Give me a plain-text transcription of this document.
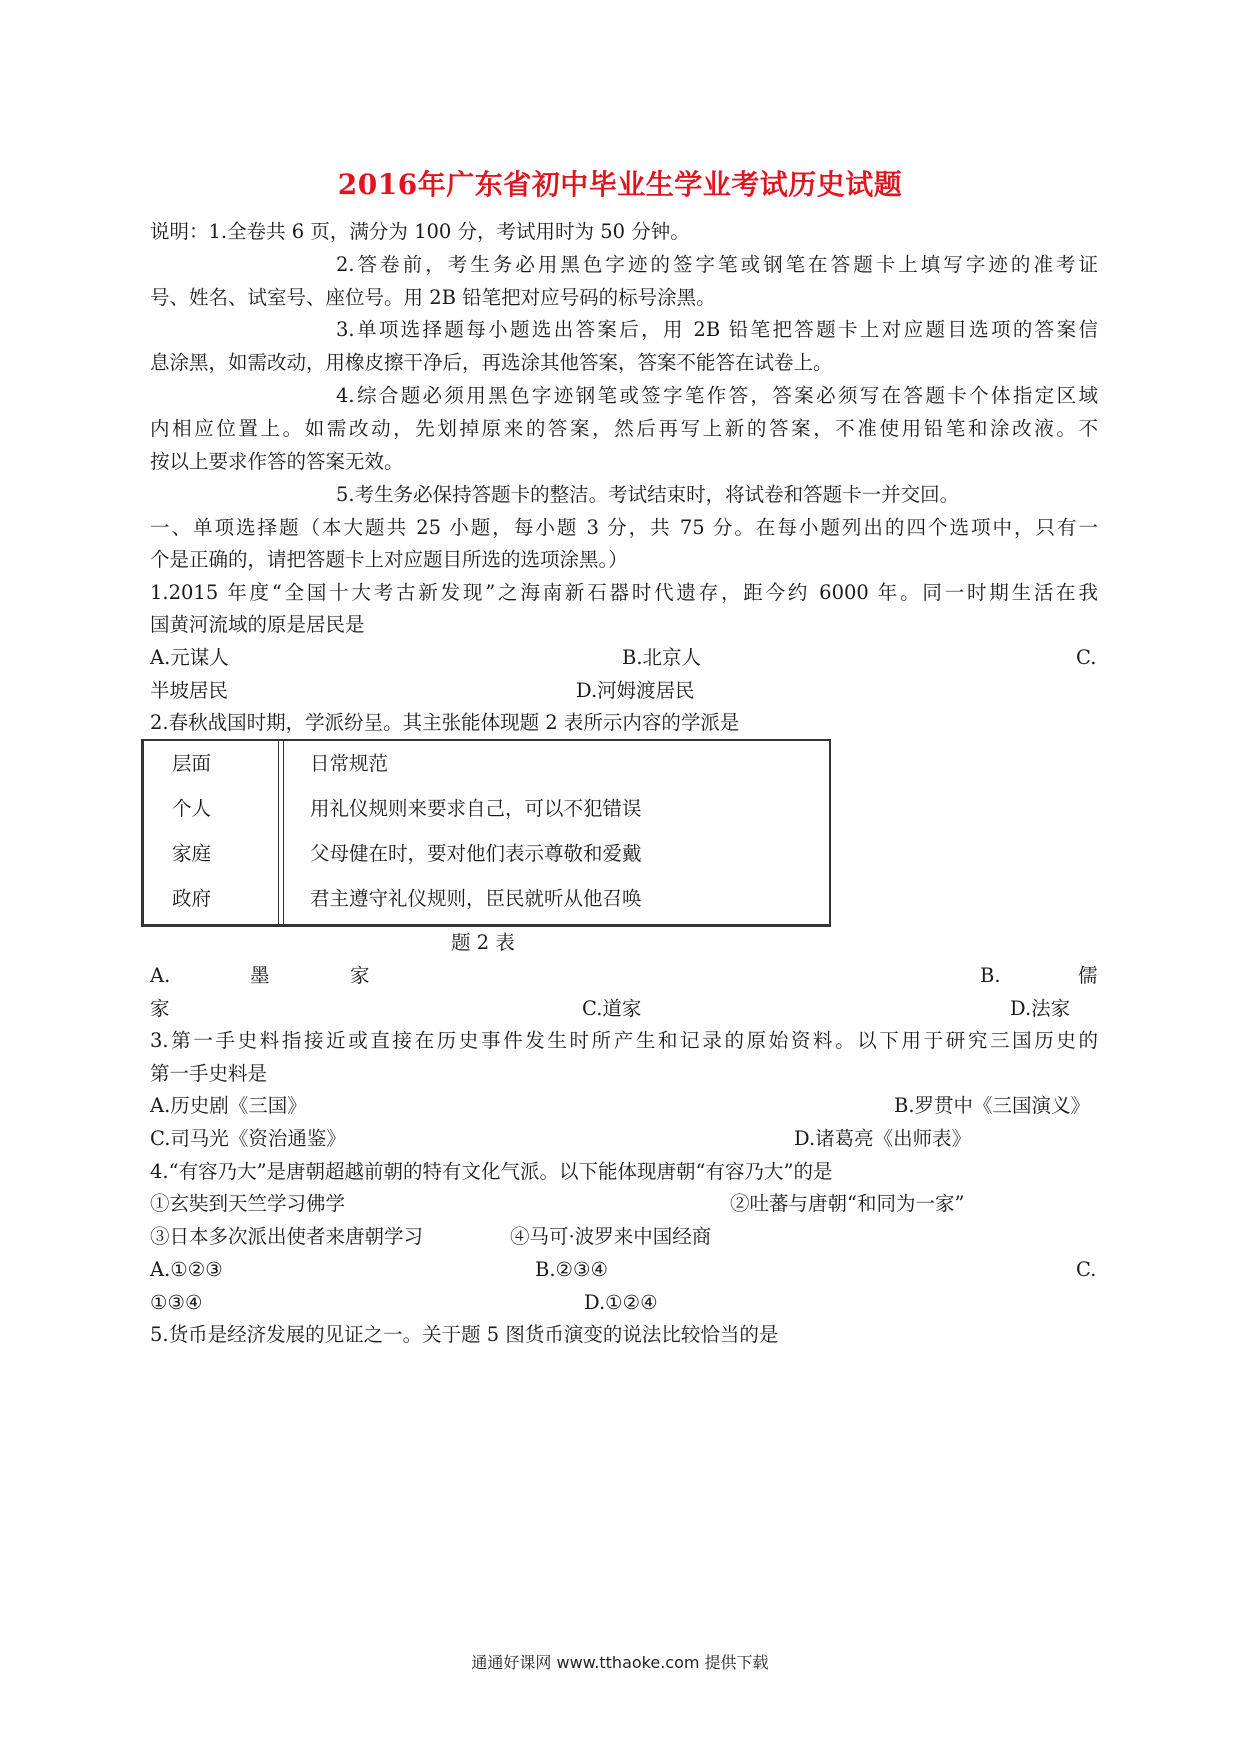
2016年广东省初中毕业生学业考试历史试题
说明：1.全卷共 6 页，满分为 100 分，考试用时为 50 分钟。
2.答卷前，考生务必用黑色字迹的签字笔或钢笔在答题卡上填写字迹的准考证
号、姓名、试室号、座位号。用 2B 铅笔把对应号码的标号涂黑。
3.单项选择题每小题选出答案后，用 2B 铅笔把答题卡上对应题目选项的答案信
息涂黑，如需改动，用橡皮擦干净后，再选涂其他答案，答案不能答在试卷上。
4.综合题必须用黑色字迹钢笔或签字笔作答，答案必须写在答题卡个体指定区域
内相应位置上。如需改动，先划掉原来的答案，然后再写上新的答案，不准使用铅笔和涂改液。不
按以上要求作答的答案无效。
5.考生务必保持答题卡的整洁。考试结束时，将试卷和答题卡一并交回。
一、单项选择题（本大题共 25 小题，每小题 3 分，共 75 分。在每小题列出的四个选项中，只有一
个是正确的，请把答题卡上对应题目所选的选项涂黑。）
1.2015 年度“全国十大考古新发现”之海南新石器时代遗存，距今约 6000 年。同一时期生活在我
国黄河流域的原是居民是
A.元谋人	B.北京人	C.
半坡居民	D.河姆渡居民
2.春秋战国时期，学派纷呈。其主张能体现题 2 表所示内容的学派是
层面	日常规范
个人	用礼仪规则来要求自己，可以不犯错误
家庭	父母健在时，要对他们表示尊敬和爱戴
政府	君主遵守礼仪规则，臣民就听从他召唤
题 2 表
A.	墨	家	B.	儒
家	C.道家	D.法家
3.第一手史料指接近或直接在历史事件发生时所产生和记录的原始资料。以下用于研究三国历史的
第一手史料是
A.历史剧《三国》	B.罗贯中《三国演义》
C.司马光《资治通鉴》	D.诸葛亮《出师表》
4.“有容乃大”是唐朝超越前朝的特有文化气派。以下能体现唐朝“有容乃大”的是
①玄奘到天竺学习佛学	②吐蕃与唐朝“和同为一家”
③日本多次派出使者来唐朝学习	④马可·波罗来中国经商
A.①②③	B.②③④	C.
①③④	D.①②④
5.货币是经济发展的见证之一。关于题 5 图货币演变的说法比较恰当的是
通通好课网 www.tthaoke.com 提供下载
